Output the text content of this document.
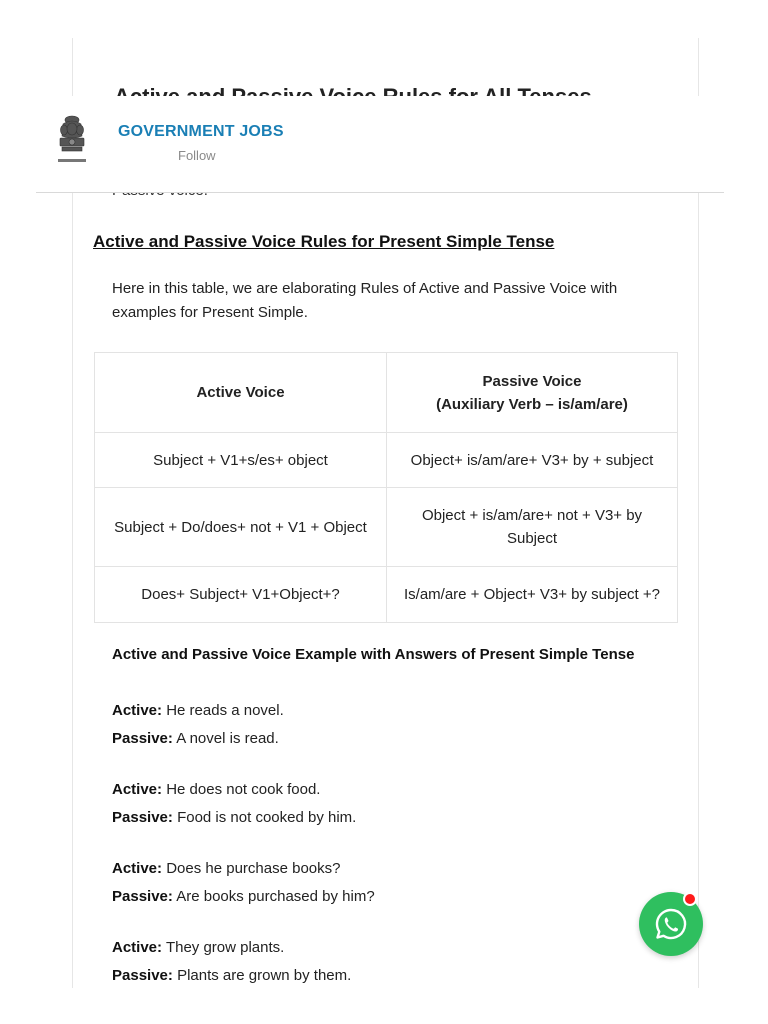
GOVERNMENT JOBS
Follow
Active and Passive Voice Rules for Present Simple Tense

Here in this table, we are elaborating Rules of Active and Passive Voice with examples for Present Simple.

Active Voice	Passive Voice
(Auxiliary Verb – is/am/are)

Subject + V1+s/es+ object	Object+ is/am/are+ V3+ by + subject
Subject + Do/does+ not + V1 + Object	Object + is/am/are+ not + V3+ by Subject
Does+ Subject+ V1+Object+?	Is/am/are + Object+ V3+ by subject +?
Active and Passive Voice Example with Answers of Present Simple Tense
Active: He reads a novel.
Passive: A novel is read.
Active: He does not cook food.
Passive: Food is not cooked by him.
Active: Does he purchase books?
Passive: Are books purchased by him?
Active: They grow plants.
Passive: Plants are grown by them.
